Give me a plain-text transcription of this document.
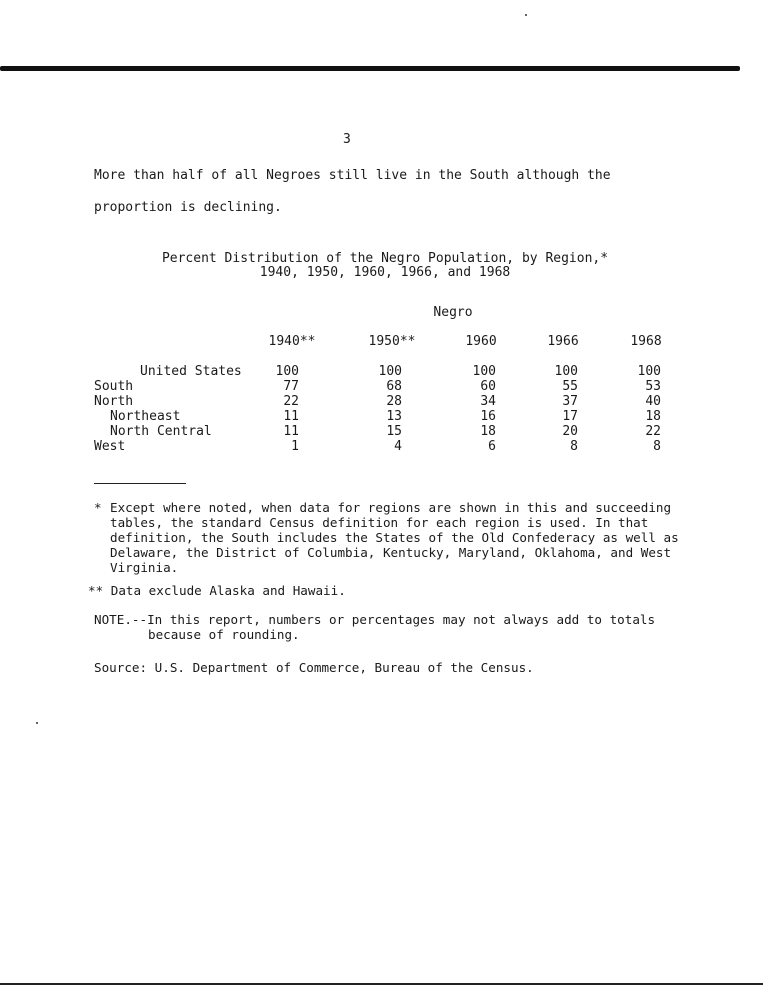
3

More than half of all Negroes still live in the South although the proportion is declining.

Percent Distribution of the Negro Population, by Region,*
1940, 1950, 1960, 1966, and 1968
Negro
1940**	1950**	1960	1966	1968
United States	100	100	100	100	100
South	77	68	60	55	53
North	22	28	34	37	40
Northeast	11	13	16	17	18
North Central	11	15	18	20	22
West	1	4	6	8	8
* Except where noted, when data for regions are shown in this and succeeding tables, the standard Census definition for each region is used. In that definition, the South includes the States of the Old Confederacy as well as Delaware, the District of Columbia, Kentucky, Maryland, Oklahoma, and West Virginia.
** Data exclude Alaska and Hawaii.
NOTE.--In this report, numbers or percentages may not always add to totals
because of rounding.
Source: U.S. Department of Commerce, Bureau of the Census.
